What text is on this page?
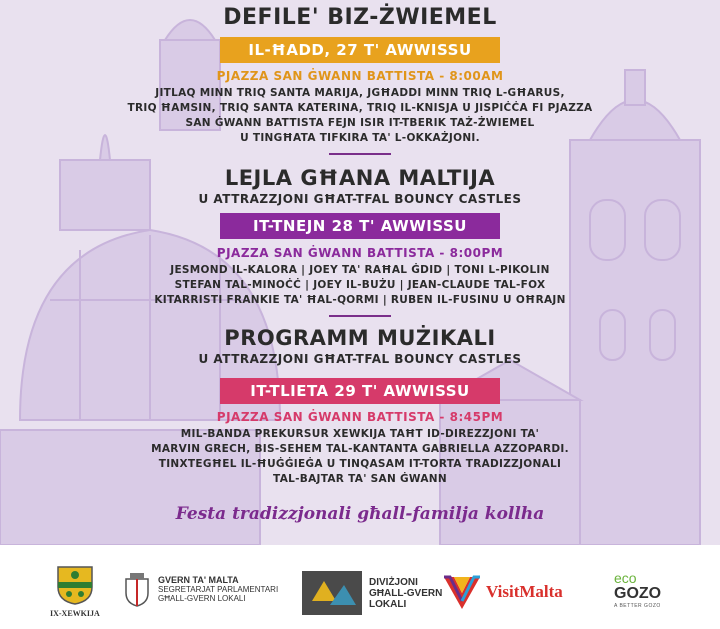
DEFILE' BIZ-ŻWIEMEL
IL-ĦADD, 27 T' AWWISSU
PJAZZA SAN ĠWANN BATTISTA - 8:00AM
JITLAQ MINN TRIQ SANTA MARIJA, JGĦADDI MINN TRIQ L-GĦARUS,
TRIQ ĦAMSIN, TRIQ SANTA KATERINA, TRIQ IL-KNISJA U JISPIĊĊA FI PJAZZA
SAN ĠWANN BATTISTA FEJN ISIR IT-TBERIK TAŻ-ŻWIEMEL
U TINGĦATA TIFKIRA TA' L-OKKAŻJONI.
LEJLA GĦANA MALTIJA
U ATTRAZZJONI GĦAT-TFAL BOUNCY CASTLES
IT-TNEJN 28 T' AWWISSU
PJAZZA SAN ĠWANN BATTISTA - 8:00PM
JESMOND IL-KALORA | JOEY TA' RAĦAL ĠDID | TONI L-PIKOLIN
STEFAN TAL-MINOĊĊ | JOEY IL-BUŻU | JEAN-CLAUDE TAL-FOX
KITARRISTI FRANKIE TA' ĦAL-QORMI | RUBEN IL-FUSINU U OĦRAJN
PROGRAMM MUŻIKALI
U ATTRAZZJONI GĦAT-TFAL BOUNCY CASTLES
IT-TLIETA 29 T' AWWISSU
PJAZZA SAN ĠWANN BATTISTA - 8:45PM
MIL-BANDA PREKURSUR XEWKIJA TAĦT ID-DIREZZJONI TA'
MARVIN GRECH, BIS-SEHEM TAL-KANTANTA GABRIELLA AZZOPARDI.
TINXTEGĦEL IL-ĦUĠĠIEĠA U TINQASAM IT-TORTA TRADIZZJONALI
TAL-BAJTAR TA' SAN ĠWANN
Festa tradizzjonali għall-familja kollha
IX-XEWKIJA
GVERN TA' MALTA
SEGRETARJAT PARLAMENTARI
GĦALL-GVERN LOKALI
DIVIŻJONI
GĦALL-GVERN
LOKALI
VisitMalta
eco
GOZO
A BETTER GOZO
